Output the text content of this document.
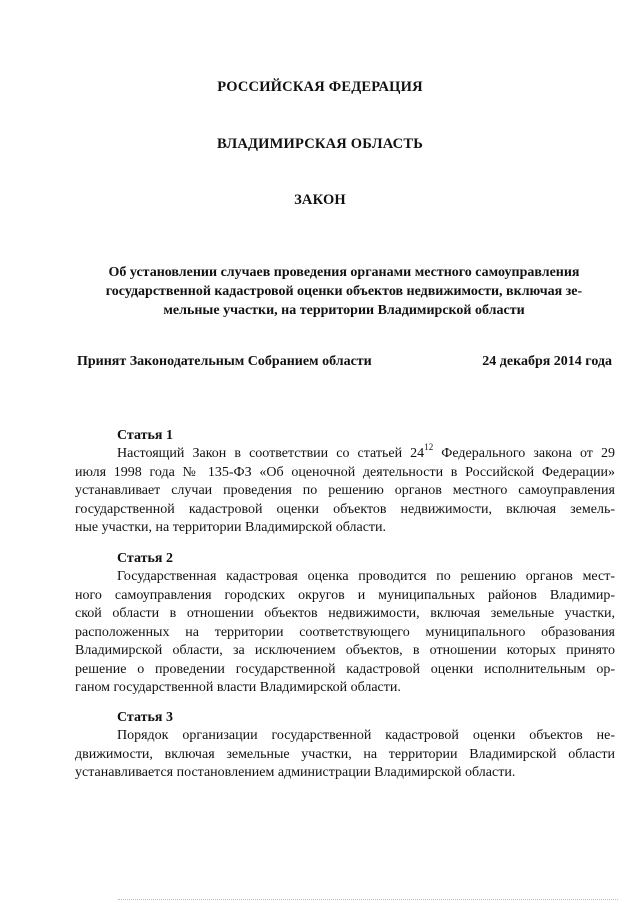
РОССИЙСКАЯ ФЕДЕРАЦИЯ
ВЛАДИМИРСКАЯ ОБЛАСТЬ
ЗАКОН
Об установлении случаев проведения органами местного самоуправления
государственной кадастровой оценки объектов недвижимости, включая зе-
мельные участки, на территории Владимирской области
Принят Законодательным Собранием области	24 декабря 2014 года
Статья 1
Настоящий Закон в соответствии со статьей $24^{12}$ Федерального закона от 29
июля 1998 года № 135-ФЗ «Об оценочной деятельности в Российской Федерации»
устанавливает случаи проведения по решению органов местного самоуправления
государственной кадастровой оценки объектов недвижимости, включая земель-
ные участки, на территории Владимирской области.
Статья 2
Государственная кадастровая оценка проводится по решению органов мест-
ного самоуправления городских округов и муниципальных районов Владимир-
ской области в отношении объектов недвижимости, включая земельные участки,
расположенных на территории соответствующего муниципального образования
Владимирской области, за исключением объектов, в отношении которых принято
решение о проведении государственной кадастровой оценки исполнительным ор-
ганом государственной власти Владимирской области.
Статья 3
Порядок организации государственной кадастровой оценки объектов не-
движимости, включая земельные участки, на территории Владимирской области
устанавливается постановлением администрации Владимирской области.
